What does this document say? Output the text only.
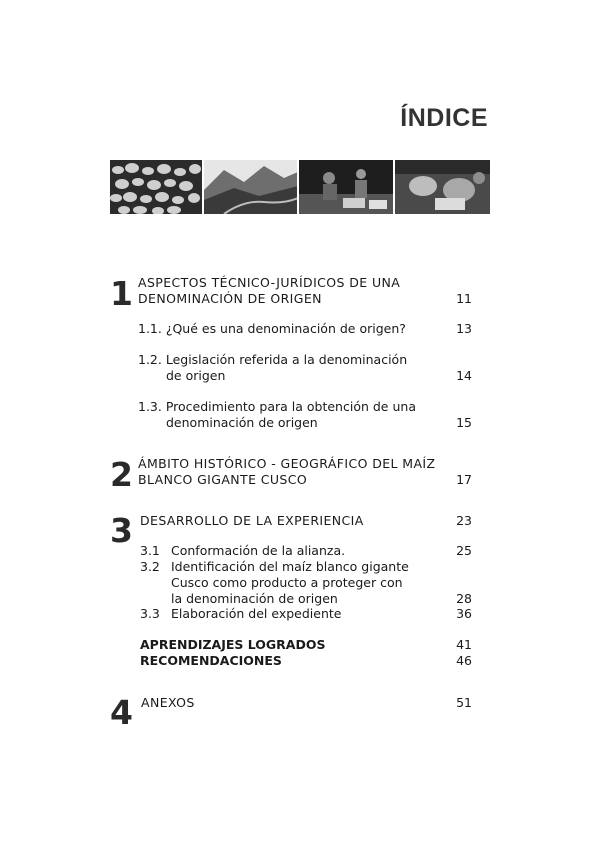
ÍNDICE
1 ASPECTOS TÉCNICO-JURÍDICOS DE UNA
DENOMINACIÓN DE ORIGEN	11
1.1. ¿Qué es una denominación de origen?	13
1.2. Legislación referida a la denominación
de origen	14
1.3. Procedimiento para la obtención de una
denominación de origen	15
2 ÁMBITO HISTÓRICO - GEOGRÁFICO DEL MAÍZ
BLANCO GIGANTE CUSCO	17
3 DESARROLLO DE LA EXPERIENCIA	23
3.1 Conformación de la alianza.	25
3.2 Identificación del maíz blanco gigante
Cusco como producto a proteger con
la denominación de origen	28
3.3 Elaboración del expediente	36
APRENDIZAJES LOGRADOS	41
RECOMENDACIONES	46
4 ANEXOS	51
